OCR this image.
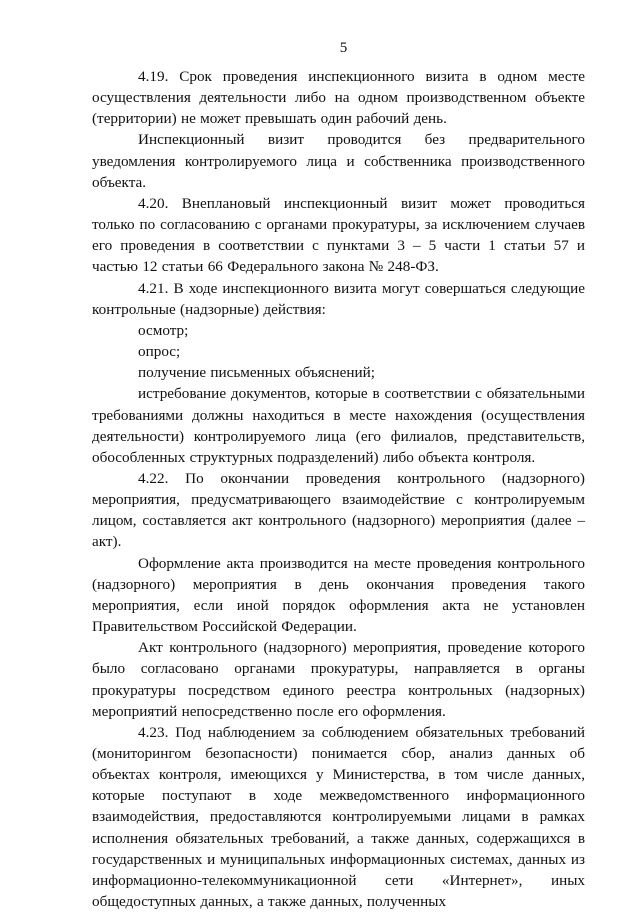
5

4.19. Срок проведения инспекционного визита в одном месте осуществления деятельности либо на одном производственном объекте (территории) не может превышать один рабочий день.

Инспекционный визит проводится без предварительного уведомления контролируемого лица и собственника производственного объекта.

4.20. Внеплановый инспекционный визит может проводиться только по согласованию с органами прокуратуры, за исключением случаев его проведения в соответствии с пунктами 3 – 5 части 1 статьи 57 и частью 12 статьи 66 Федерального закона № 248-ФЗ.

4.21. В ходе инспекционного визита могут совершаться следующие контрольные (надзорные) действия:

осмотр;

опрос;

получение письменных объяснений;

истребование документов, которые в соответствии с обязательными требованиями должны находиться в месте нахождения (осуществления деятельности) контролируемого лица (его филиалов, представительств, обособленных структурных подразделений) либо объекта контроля.

4.22. По окончании проведения контрольного (надзорного) мероприятия, предусматривающего взаимодействие с контролируемым лицом, составляется акт контрольного (надзорного) мероприятия (далее – акт).

Оформление акта производится на месте проведения контрольного (надзорного) мероприятия в день окончания проведения такого мероприятия, если иной порядок оформления акта не установлен Правительством Российской Федерации.

Акт контрольного (надзорного) мероприятия, проведение которого было согласовано органами прокуратуры, направляется в органы прокуратуры посредством единого реестра контрольных (надзорных) мероприятий непосредственно после его оформления.

4.23. Под наблюдением за соблюдением обязательных требований (мониторингом безопасности) понимается сбор, анализ данных об объектах контроля, имеющихся у Министерства, в том числе данных, которые поступают в ходе межведомственного информационного взаимодействия, предоставляются контролируемыми лицами в рамках исполнения обязательных требований, а также данных, содержащихся в государственных и муниципальных информационных системах, данных из информационно-телекоммуникационной сети «Интернет», иных общедоступных данных, а также данных, полученных
